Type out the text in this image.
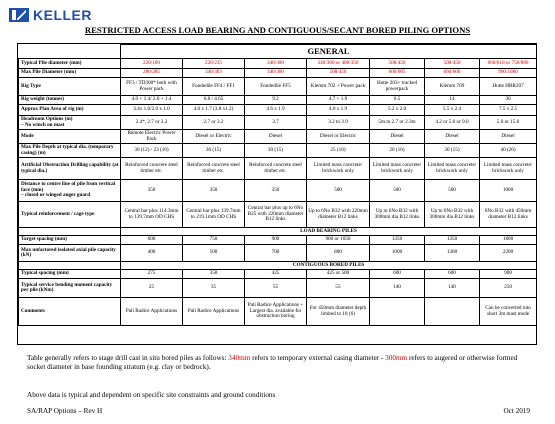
KELLER
RESTRICTED ACCESS LOAD BEARING AND CONTIGUOUS/SECANT BORED PILING OPTIONS
	GENERAL						
Typical Pile diameter (mm)	220/100	220/235	340/300	340/300 or 400/350	508/450	508/450	660/610 or 750/880
Max Pile Diameter (mm)	280/285	340/303	340/300	508/450	660/605	660/600	900/1080
Rig Type	FF3 / TD300* both with Power pack	Fondedile FF4 / FF1	Fondedile FF5	Klemm 702 + Power pack	Hutte 203+ tracked powerpack	Klemm 709	Hutte HBR207
Rig weight (tonnes)	4.0 + 1.4/ 2.0 + 1.4	6.8 / 4.65	9.2	4.7 + 1.9	6.5	14	30
Approx Plan Area of rig (m)	3.4x 1.0/2.0 x 1.0	4.0 x 1.7 (3.8 x1.2)	4.6 x 1.9	4.0 x 1.9	5.2 x 2.0	5.5 x 2.4	7.5 x 2.5
Headroom Options (m)
– No winch on mast	2.4*, 2.7 or 3.2	2.7 or 3.2	3.7	3.2 to 3.9	5m to 2.7 or 2.3m	4.2 or 5.0 or 9.0	5.0 or 15.0
Mode	Remote Electric Power Pack	Diesel or Electric	Diesel	Diesel or Electric	Diesel	Diesel	Diesel
Max Pile Depth at typical dia. (temporary casing) (m)	30 (12) / 23 (10)	30 (15)	30 (15)	25 (10)	20 (10)	30 (15)	40 (20)
Artificial Obstruction Drilling capability (at typical dia.)	Reinforced concrete steel timber etc.	Reinforced concrete steel timber etc.	Reinforced concrete steel timber etc.	Limited mass concrete/ brickwork only	Limited mass concrete/ brickwork only	Limited mass concrete/ brickwork only	Limited mass concrete/ brickwork only
Distance to centre line of pile from vertical face (mm)
– closed or winged auger guard	350	350	350	500	500	500	1000
Typical reinforcement / cage type	Central bar plus 114.3mm to 139.7mm OD CHS	Central bar plus 139.7mm to 219.1mm OD CHS	Central bar plus up to 6No B25 with 220mm diameter B12 links	Up to 6No B32 with 220mm diameter B12 links	Up to 6No B32 with 300mm dia B12 links	Up to 6No B32 with 300mm dia B12 links	6No B32 with 450mm diameter B12 links
	LOAD BEARING PILES						
Target spacing (mm)	600	750	900	900 or 1050	1350	1350	1800
Max unfactored isolated axial pile capacity (kN)	400	500	700	800	1000	1300	2200
	CONTIGUOUS BORED PILES						
Typical spacing (mm)	275	350	425	425 or 500	600	600	900
Typical service bending moment capacity per pile (kNm)	25	35	55	55	140	140	250
Comments	Pali Radice Applications	Pali Radice Applications	Pali Radice Applications + Largest dia. available for obstruction boring	For 450mm diameter depth limited to 18 (6)			Can be converted into short 3m mast mode
Table generally refers to stage drill cast in situ bored piles as follows: 340mm refers to temporary external casing diameter - 300mm refers to augered or otherwise formed socket diameter in base founding stratum (e.g. clay or bedrock).
Above data is typical and dependent on specific site constraints and ground conditions
SA/RAP Options – Rev H	Oct 2019
